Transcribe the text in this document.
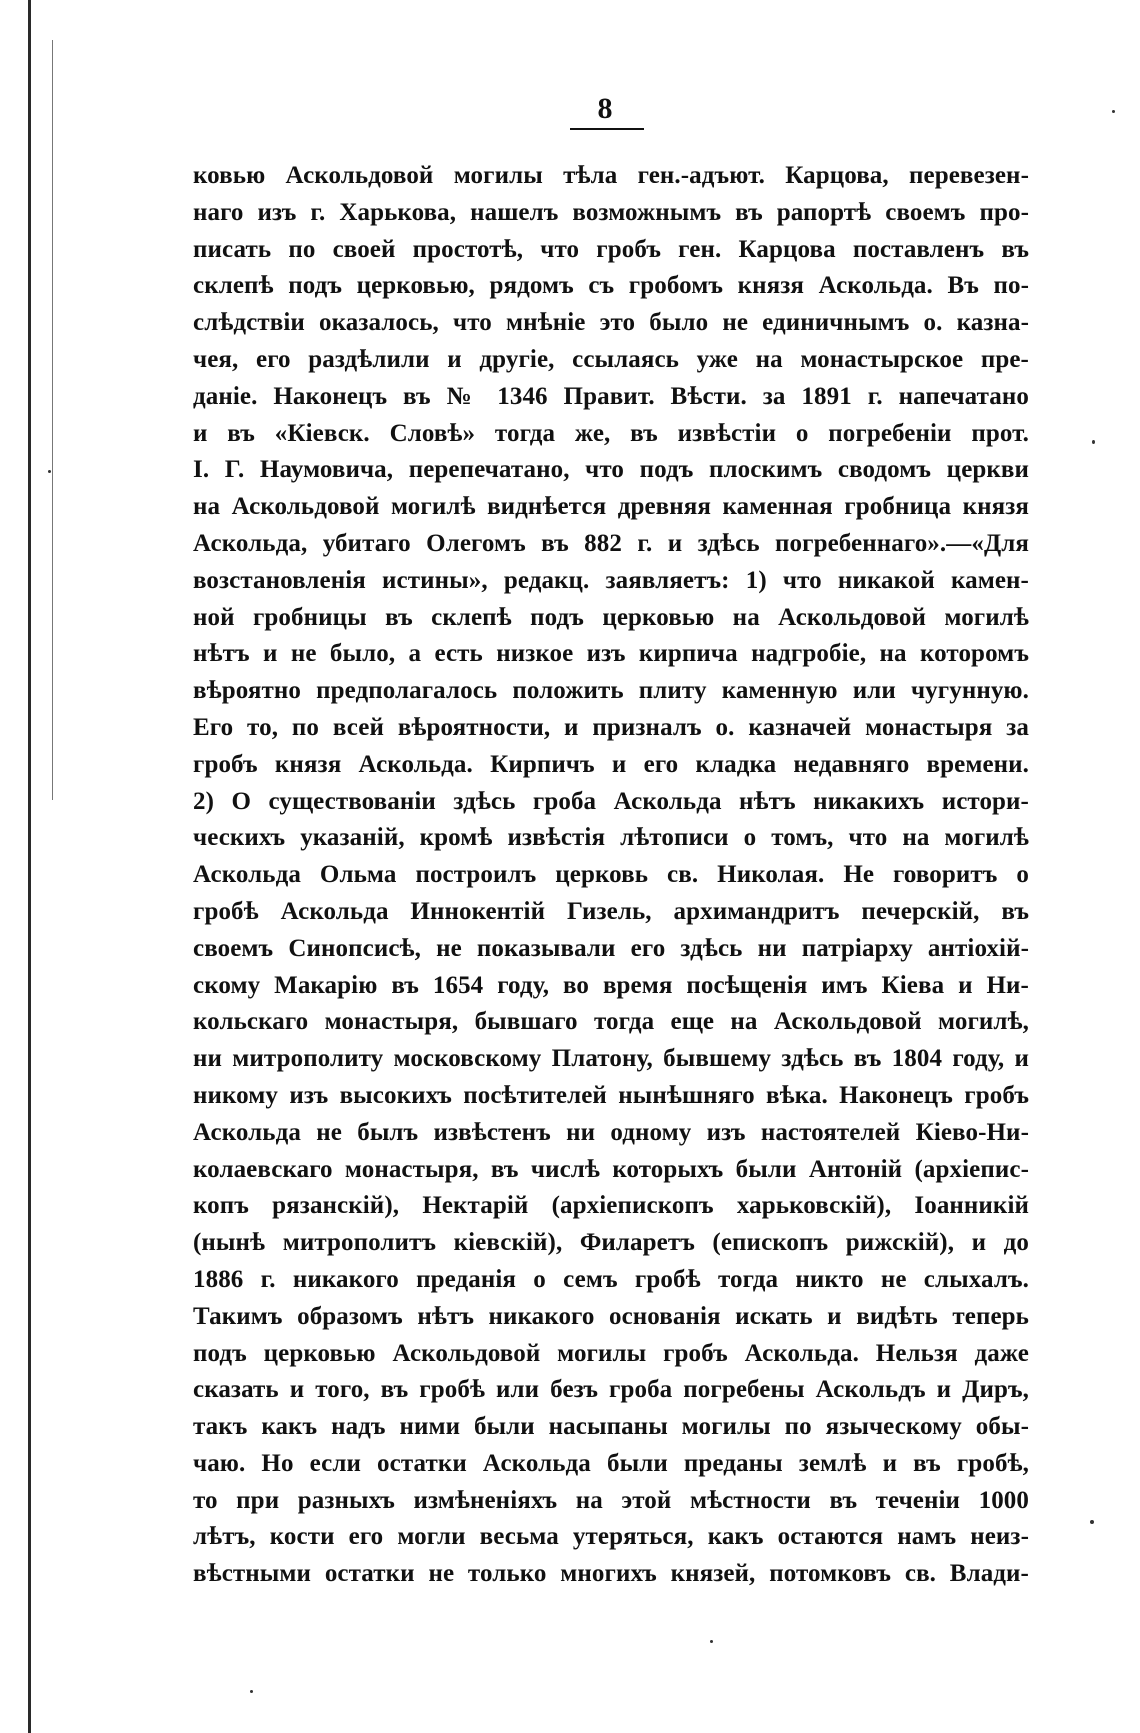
8
ковью Аскольдовой могилы тѣла ген.-адъют. Карцова, перевезен-
наго изъ г. Харькова, нашелъ возможнымъ въ рапортѣ своемъ про-
писать по своей простотѣ, что гробъ ген. Карцова поставленъ въ
склепѣ подъ церковью, рядомъ съ гробомъ князя Аскольда. Въ по-
слѣдствіи оказалось, что мнѣніе это было не единичнымъ о. казна-
чея, его раздѣлили и другіе, ссылаясь уже на монастырское пре-
даніе. Наконецъ въ № 1346 Правит. Вѣсти. за 1891 г. напечатано
и въ «Кіевск. Словѣ» тогда же, въ извѣстіи о погребеніи прот.
І. Г. Наумовича, перепечатано, что подъ плоскимъ сводомъ церкви
на Аскольдовой могилѣ виднѣется древняя каменная гробница князя
Аскольда, убитаго Олегомъ въ 882 г. и здѣсь погребеннаго».—«Для
возстановленія истины», редакц. заявляетъ: 1) что никакой камен-
ной гробницы въ склепѣ подъ церковью на Аскольдовой могилѣ
нѣтъ и не было, а есть низкое изъ кирпича надгробіе, на которомъ
вѣроятно предполагалось положить плиту каменную или чугунную.
Его то, по всей вѣроятности, и призналъ о. казначей монастыря за
гробъ князя Аскольда. Кирпичъ и его кладка недавняго времени.
2) О существованіи здѣсь гроба Аскольда нѣтъ никакихъ истори-
ческихъ указаній, кромѣ извѣстія лѣтописи о томъ, что на могилѣ
Аскольда Ольма построилъ церковь св. Николая. Не говоритъ о
гробѣ Аскольда Иннокентій Гизель, архимандритъ печерскій, въ
своемъ Синопсисѣ, не показывали его здѣсь ни патріарху антіохій-
скому Макарію въ 1654 году, во время посѣщенія имъ Кіева и Ни-
кольскаго монастыря, бывшаго тогда еще на Аскольдовой могилѣ,
ни митрополиту московскому Платону, бывшему здѣсь въ 1804 году, и
никому изъ высокихъ посѣтителей нынѣшняго вѣка. Наконецъ гробъ
Аскольда не былъ извѣстенъ ни одному изъ настоятелей Кіево-Ни-
колаевскаго монастыря, въ числѣ которыхъ были Антоній (архіепис-
копъ рязанскій), Нектарій (архіепископъ харьковскій), Іоанникій
(нынѣ митрополитъ кіевскій), Филаретъ (епископъ рижскій), и до
1886 г. никакого преданія о семъ гробѣ тогда никто не слыхалъ.
Такимъ образомъ нѣтъ никакого основанія искать и видѣть теперь
подъ церковью Аскольдовой могилы гробъ Аскольда. Нельзя даже
сказать и того, въ гробѣ или безъ гроба погребены Аскольдъ и Диръ,
такъ какъ надъ ними были насыпаны могилы по языческому обы-
чаю. Но если остатки Аскольда были преданы землѣ и въ гробѣ,
то при разныхъ измѣненіяхъ на этой мѣстности въ теченіи 1000
лѣтъ, кости его могли весьма утеряться, какъ остаются намъ неиз-
вѣстными остатки не только многихъ князей, потомковъ св. Влади-
